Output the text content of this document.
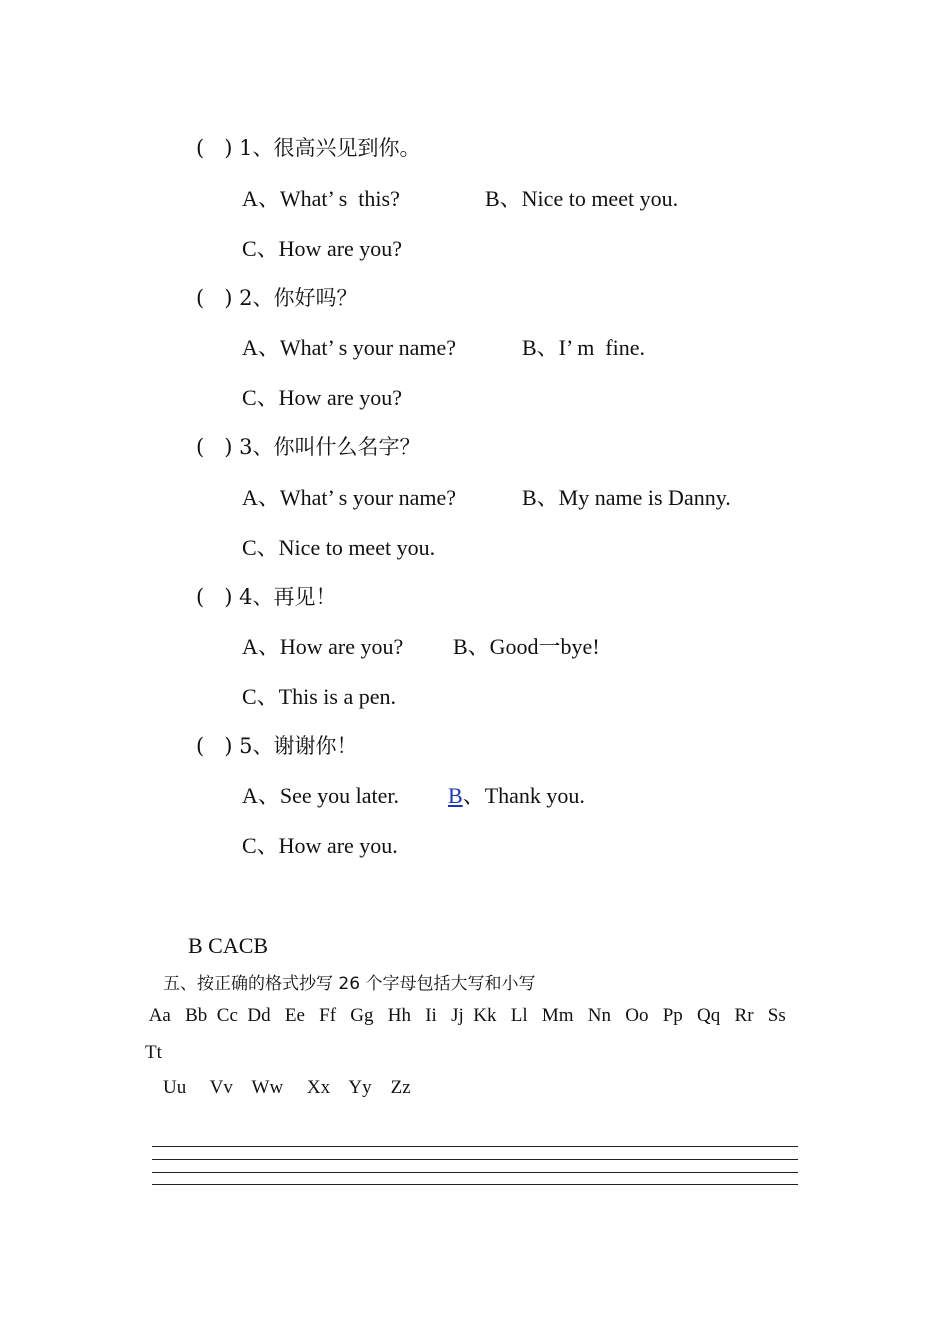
(   ) 1、很高兴见到你。
A、What’ s  this?	B、Nice to meet you.
C、How are you?
(   ) 2、你好吗？
A、What’ s your name?	B、I’ m  fine.
C、How are you?
(   ) 3、你叫什么名字？
A、What’ s your name?	B、My name is Danny.
C、Nice to meet you.
(   ) 4、再见！
A、How are you? B、Good一bye!
C、This is a pen.
(   ) 5、谢谢你！
A、See you later. B、Thank you.
C、How are you.
B CACB
五、按正确的格式抄写 26 个字母包括大写和小写
Aa   Bb  Cc  Dd   Ee   Ff   Gg   Hh   Ii   Jj  Kk   Ll   Mm   Nn   Oo   Pp   Qq   Rr   Ss
Tt
Uu     Vv    Ww     Xx    Yy    Zz
